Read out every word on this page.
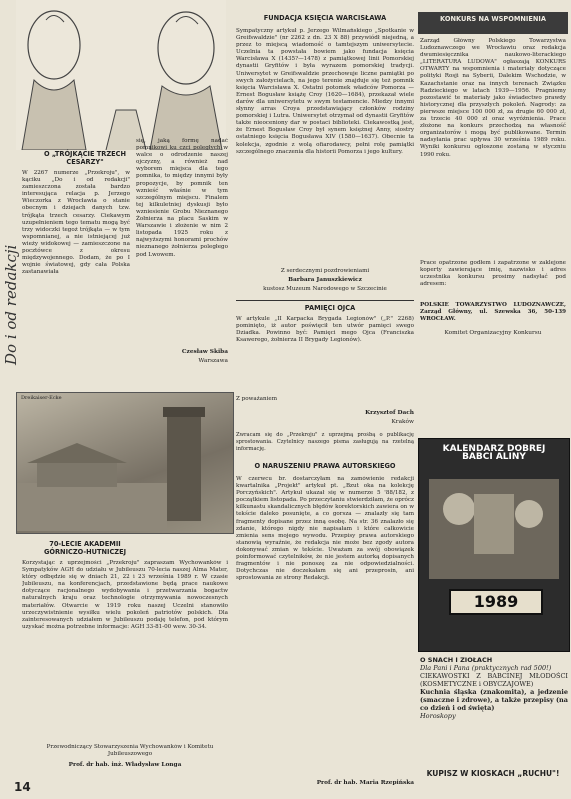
Do i od redakcji
O „TRÓJKĄCIE TRZECH CESARZY"
W 2267 numerze „Przekroju", w kąciku „Do i od redakcji" zamieszczona została bardzo interesująca relacja p. Jerzego Wieczorka z Wrocławia o stanie obecnym i dziejach danych tzw. trójkąta trzech cesarzy. Ciekawym uzupełnieniem tego tematu mogą być trzy widoczki tegoż trójkąta — w tym wspomnianej, a nie istniejącej już wieży widokowej — zamieszczone na pocztówce z okresu międzywojennego. Dodam, że po I wojnie światowej, gdy cała Polska zastanawiała
się, jaką formę nadać pomnikowi ku czci poległych w walce o odrodzenie naszej ojczyzny, a również nad wyborem miejsca dla tego pomnika, to między innymi były propozycje, by pomnik ten wznieść właśnie w tym szczególnym miejscu. Finalem tej kilkuletniej dyskusji było wzniesienie Grobu Nieznanego Żołnierza na placu Saskim w Warszawie i złożenie w nim 2 listopada 1925 roku z najwyższymi honorami prochów nieznanego żołnierza poległego pod Lwowem.
Czesław Skiba
Warszawa
Dreikaiser-Ecke
70-LECIE AKADEMII GÓRNICZO-HUTNICZEJ
Korzystając z uprzejmości „Przekroju" zapraszam Wychowanków i Sympatyków AGH do udziału w Jubileuszu 70-lecia naszej Alma Mater, który odbędzie się w dniach 21, 22 i 23 września 1989 r. W czasie Jubileuszu, na konferencjach, przedstawione będą prace naukowe dotyczące racjonalnego wydobywania i przetwarzania bogactw naturalnych kraju oraz technologie otrzymywania nowoczesnych materiałów. Otwarcie w 1919 roku naszej Uczelni stanowiło urzeczywistnienie wysiłku wielu pokoleń patriotów polskich. Dla zainteresowanych udziałem w Jubileuszu podaję telefon, pod którym uzyskać można potrzebne informacje: AGH 33-81-00 wew. 30-34.
Przewodniczący Stowarzyszenia Wychowanków i Komitetu Jubileuszowego
Prof. dr hab. inż. Władysław Longa
14
FUNDACJA KSIĘCIA WARCISŁAWA
Sympatyczny artykuł p. Jerzego Wilmańskiego „Spotkanie w Greifswaldzie" (nr 2262 z dn. 23 X 88) przywiódł niejedną, a przez to miejscą wiadomość o tamtejszym uniwersytecie. Uczelnia ta powstała bowiem jako fundacja księcia Warcisława X (1435?—1478) z pamiątkowej linii Pomorskiej dynastii Gryfitów i była wyrazem pomorskiej tradycji. Uniwersytet w Greifswaldzie przechowuje liczne pamiątki po swych założycielach, na jego terenie znajduje się też pomnik księcia Warcisława X. Ostatni potomek władców Pomorza — Ernest Bogusław książę Croy (1620—1684), przekazał wiele darów dla uniwersytetu w swym testamencie. Miedzy innymi słynny arras Croya przedstawiający członków rodziny pomorskiej i Lutra. Uniwersytet otrzymał od dynastii Gryfitów także nieoceniony dar w postaci biblioteki. Ciekawostką jest, że Ernest Bogusław Croy był synem księżnej Anny, siostry ostatniego księcia Bogusława XIV (1580—1637). Obecnie ta kolekcja, zgodnie z wolą ofiarodawcy, pełni rolę pamiątki szczególnego znaczenia dla historii Pomorza i jego kultury.
Z serdecznymi pozdrowieniami
Barbara Januszkiewicz
kustosz Muzeum Narodowego w Szczecinie
PAMIĘCI OJCA
W artykule „II Karpacka Brygada Legionów" („P." 2268) pominięto, iż autor poświęcił ten utwór pamięci swego Dziadka. Powinno być: Pamięci mego Ojca (Franciszka Ksawerego, żołnierza II Brygady Legionów).
Z poważaniem
Krzysztof Dach
Kraków
Zwracam się do „Przekroju" z uprzejmą prośbą o publikację sprostowania. Czytelnicy naszego pisma zasługują na rzetelną informację.
O NARUSZENIU PRAWA AUTORSKIEGO
W czerwcu br. dostarczyłam na zamówienie redakcji kwartalnika „Projekt" artykuł pt. „Bzut oka na kolekcję Porczyńskich". Artykuł ukazał się w numerze 5 '88/182, z początkiem listopada. Po przeczytaniu stwierdziłam, że oprócz kilkunastu skandalicznych błędów korektorskich zawiera on w tekście daleko posunięte, a co gorsza — znalazły się tam fragmenty dopisane przez inną osobę. Na str. 36 znalazło się zdanie, którego nigdy nie napisałam i które całkowicie zmienia sens mojego wywodu. Przepisy prawa autorskiego stanowią wyraźnie, że redakcja nie może bez zgody autora dokonywać zmian w tekście. Uważam za swój obowiązek poinformować czytelników, że nie jestem autorką dopisanych fragmentów i nie ponoszę za nie odpowiedzialności. Dotychczas nie doczekałam się ani przeprosin, ani sprostowania ze strony Redakcji.
Prof. dr hab. Maria Rzepińska
KONKURS NA WSPOMNIENIA
Zarząd Główny Polskiego Towarzystwa Ludoznawczego we Wrocławiu oraz redakcja dwumiesięcznika naukowo-literackiego „LITERATURA LUDOWA" ogłaszają KONKURS OTWARTY na wspomnienia i materiały dotyczące polityki Rosji na Syberii, Dalekim Wschodzie, w Kazachstanie oraz na innych terenach Związku Radzieckiego w latach 1939—1956. Pragniemy pozostawić te materiały jako świadectwo prawdy historycznej dla przyszłych pokoleń. Nagrody: za pierwsze miejsce 100 000 zł, za drugie 60 000 zł, za trzecie 40 000 zł oraz wyróżnienia. Prace złożone na konkurs przechodzą na własność organizatorów i mogą być publikowane. Termin nadsyłania prac upływa 30 września 1989 roku. Wyniki konkursu ogłoszone zostaną w styczniu 1990 roku.
Prace opatrzone godłem i zapatrzone w zaklejone koperty zawierające imię, nazwisko i adres uczestnika konkursu prosimy nadsyłać pod adresem:
POLSKIE TOWARZYSTWO LUDOZNAWCZE, Zarząd Główny, ul. Szewska 36, 50-139 WROCŁAW.
Komitet Organizacyjny Konkursu
KALENDARZ DOBREJ
BABCI ALINY
1989
O SNACH I ZIOŁACH
Dla Pani i Pana (praktycznych rad 500!)
CIEKAWOSTKI Z BABCINEJ MŁODOŚCI (KOSMETYCZNE i OBYCZAJOWE)
Kuchnia śląska (znakomita), a jedzenie (smaczne i zdrowe), a także przepisy (na co dzień i od święta)
Horoskopy
KUPISZ W KIOSKACH „RUCHU"!
